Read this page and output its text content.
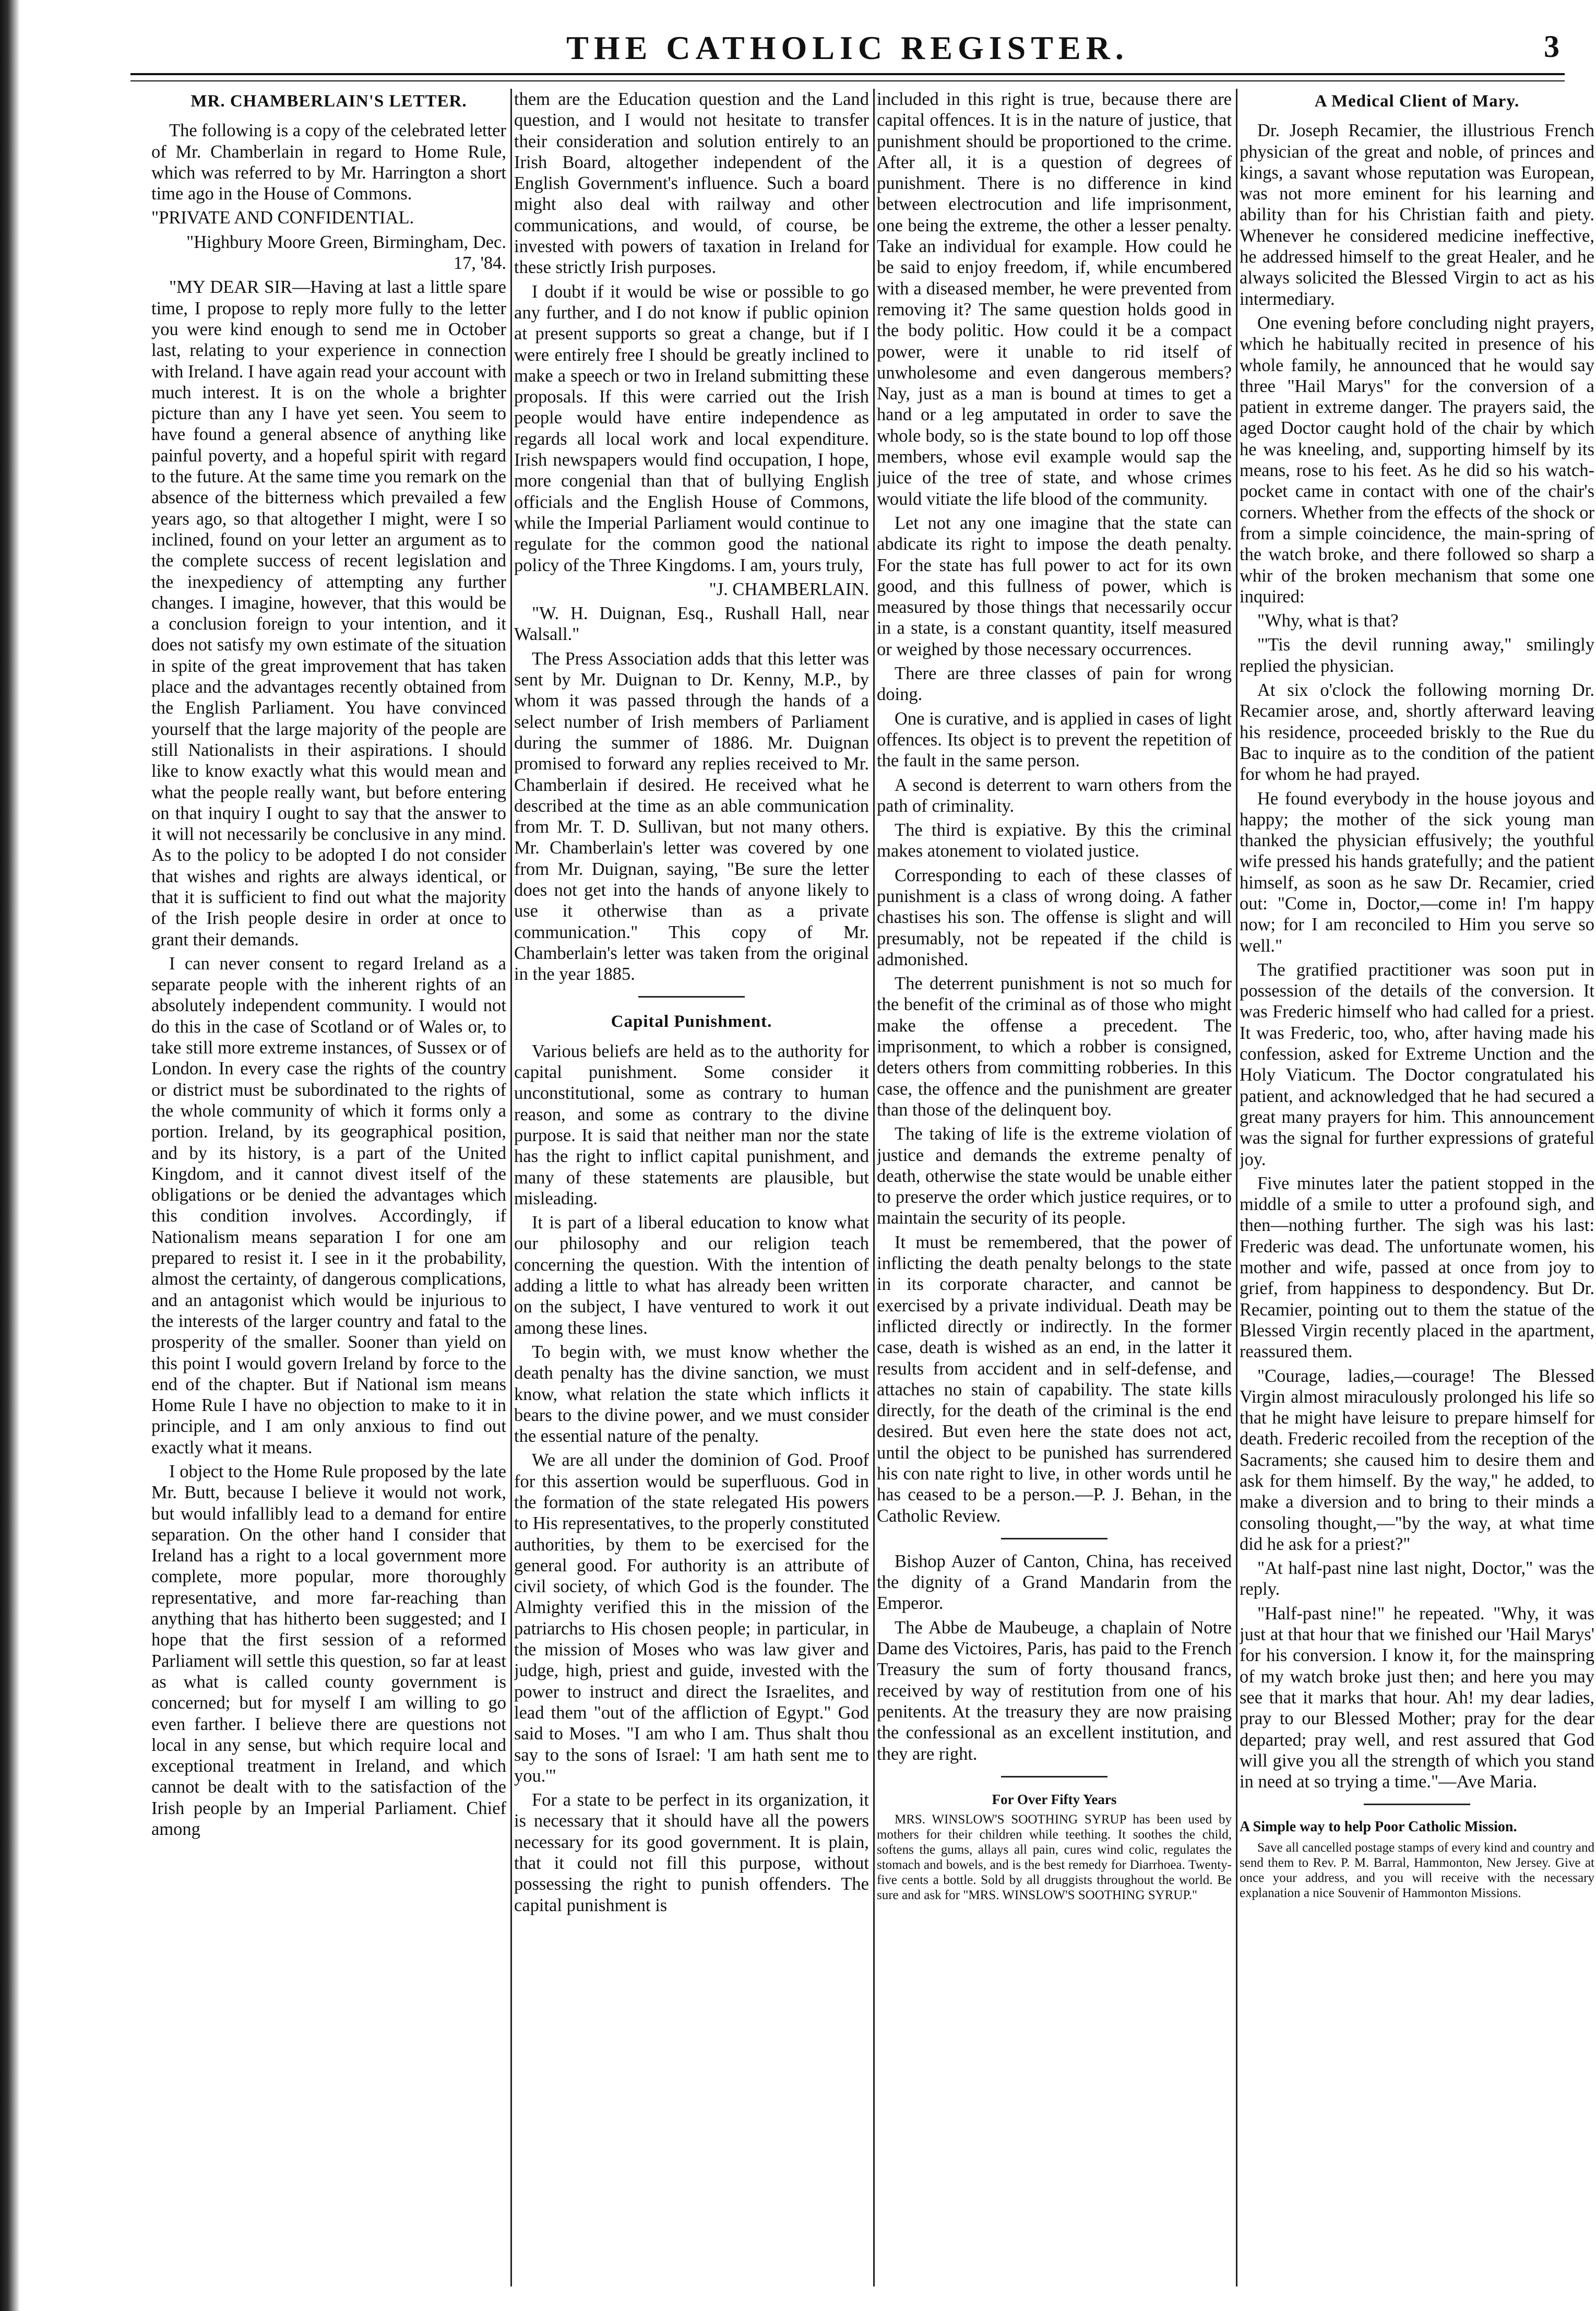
THE CATHOLIC REGISTER.	3
MR. CHAMBERLAIN'S LETTER.

The following is a copy of the celebrated letter of Mr. Chamberlain in regard to Home Rule, which was referred to by Mr. Harrington a short time ago in the House of Commons.

"PRIVATE AND CONFIDENTIAL.

"Highbury Moore Green, Birmingham, Dec. 17, '84.

"MY DEAR SIR—Having at last a little spare time, I propose to reply more fully to the letter you were kind enough to send me in October last, relating to your experience in connection with Ireland. I have again read your account with much interest. It is on the whole a brighter picture than any I have yet seen. You seem to have found a general absence of anything like painful poverty, and a hopeful spirit with regard to the future. At the same time you remark on the absence of the bitterness which prevailed a few years ago, so that altogether I might, were I so inclined, found on your letter an argument as to the complete success of recent legislation and the inexpediency of attempting any further changes. I imagine, however, that this would be a conclusion foreign to your intention, and it does not satisfy my own estimate of the situation in spite of the great improvement that has taken place and the advantages recently obtained from the English Parliament. You have convinced yourself that the large majority of the people are still Nationalists in their aspirations. I should like to know exactly what this would mean and what the people really want, but before entering on that inquiry I ought to say that the answer to it will not necessarily be conclusive in any mind. As to the policy to be adopted I do not consider that wishes and rights are always identical, or that it is sufficient to find out what the majority of the Irish people desire in order at once to grant their demands.

I can never consent to regard Ireland as a separate people with the inherent rights of an absolutely independent community. I would not do this in the case of Scotland or of Wales or, to take still more extreme instances, of Sussex or of London. In every case the rights of the country or district must be subordinated to the rights of the whole community of which it forms only a portion. Ireland, by its geographical position, and by its history, is a part of the United Kingdom, and it cannot divest itself of the obligations or be denied the advantages which this condition involves. Accordingly, if Nationalism means separation I for one am prepared to resist it. I see in it the probability, almost the certainty, of dangerous complications, and an antagonist which would be injurious to the interests of the larger country and fatal to the prosperity of the smaller. Sooner than yield on this point I would govern Ireland by force to the end of the chapter. But if National ism means Home Rule I have no objection to make to it in principle, and I am only anxious to find out exactly what it means.

I object to the Home Rule proposed by the late Mr. Butt, because I believe it would not work, but would infallibly lead to a demand for entire separation. On the other hand I consider that Ireland has a right to a local government more complete, more popular, more thoroughly representative, and more far-reaching than anything that has hitherto been suggested; and I hope that the first session of a reformed Parliament will settle this question, so far at least as what is called county government is concerned; but for myself I am willing to go even farther. I believe there are questions not local in any sense, but which require local and exceptional treatment in Ireland, and which cannot be dealt with to the satisfaction of the Irish people by an Imperial Parliament. Chief among

them are the Education question and the Land question, and I would not hesitate to transfer their consideration and solution entirely to an Irish Board, altogether independent of the English Government's influence. Such a board might also deal with railway and other communications, and would, of course, be invested with powers of taxation in Ireland for these strictly Irish purposes.

I doubt if it would be wise or possible to go any further, and I do not know if public opinion at present supports so great a change, but if I were entirely free I should be greatly inclined to make a speech or two in Ireland submitting these proposals. If this were carried out the Irish people would have entire independence as regards all local work and local expenditure. Irish newspapers would find occupation, I hope, more congenial than that of bullying English officials and the English House of Commons, while the Imperial Parliament would continue to regulate for the common good the national policy of the Three Kingdoms. I am, yours truly,

"J. CHAMBERLAIN.

"W. H. Duignan, Esq., Rushall Hall, near Walsall."

The Press Association adds that this letter was sent by Mr. Duignan to Dr. Kenny, M.P., by whom it was passed through the hands of a select number of Irish members of Parliament during the summer of 1886. Mr. Duignan promised to forward any replies received to Mr. Chamberlain if desired. He received what he described at the time as an able communication from Mr. T. D. Sullivan, but not many others. Mr. Chamberlain's letter was covered by one from Mr. Duignan, saying, "Be sure the letter does not get into the hands of anyone likely to use it otherwise than as a private communication." This copy of Mr. Chamberlain's letter was taken from the original in the year 1885.

Capital Punishment.

Various beliefs are held as to the authority for capital punishment. Some consider it unconstitutional, some as contrary to human reason, and some as contrary to the divine purpose. It is said that neither man nor the state has the right to inflict capital punishment, and many of these statements are plausible, but misleading.

It is part of a liberal education to know what our philosophy and our religion teach concerning the question. With the intention of adding a little to what has already been written on the subject, I have ventured to work it out among these lines.

To begin with, we must know whether the death penalty has the divine sanction, we must know, what relation the state which inflicts it bears to the divine power, and we must consider the essential nature of the penalty.

We are all under the dominion of God. Proof for this assertion would be superfluous. God in the formation of the state relegated His powers to His representatives, to the properly constituted authorities, by them to be exercised for the general good. For authority is an attribute of civil society, of which God is the founder. The Almighty verified this in the mission of the patriarchs to His chosen people; in particular, in the mission of Moses who was law giver and judge, high, priest and guide, invested with the power to instruct and direct the Israelites, and lead them "out of the affliction of Egypt." God said to Moses. "I am who I am. Thus shalt thou say to the sons of Israel: 'I am hath sent me to you.'"

For a state to be perfect in its organization, it is necessary that it should have all the powers necessary for its good government. It is plain, that it could not fill this purpose, without possessing the right to punish offenders. The capital punishment is

included in this right is true, because there are capital offences. It is in the nature of justice, that punishment should be proportioned to the crime. After all, it is a question of degrees of punishment. There is no difference in kind between electrocution and life imprisonment, one being the extreme, the other a lesser penalty. Take an individual for example. How could he be said to enjoy freedom, if, while encumbered with a diseased member, he were prevented from removing it? The same question holds good in the body politic. How could it be a compact power, were it unable to rid itself of unwholesome and even dangerous members? Nay, just as a man is bound at times to get a hand or a leg amputated in order to save the whole body, so is the state bound to lop off those members, whose evil example would sap the juice of the tree of state, and whose crimes would vitiate the life blood of the community.

Let not any one imagine that the state can abdicate its right to impose the death penalty. For the state has full power to act for its own good, and this fullness of power, which is measured by those things that necessarily occur in a state, is a constant quantity, itself measured or weighed by those necessary occurrences.

There are three classes of pain for wrong doing.

One is curative, and is applied in cases of light offences. Its object is to prevent the repetition of the fault in the same person.

A second is deterrent to warn others from the path of criminality.

The third is expiative. By this the criminal makes atonement to violated justice.

Corresponding to each of these classes of punishment is a class of wrong doing. A father chastises his son. The offense is slight and will presumably, not be repeated if the child is admonished.

The deterrent punishment is not so much for the benefit of the criminal as of those who might make the offense a precedent. The imprisonment, to which a robber is consigned, deters others from committing robberies. In this case, the offence and the punishment are greater than those of the delinquent boy.

The taking of life is the extreme violation of justice and demands the extreme penalty of death, otherwise the state would be unable either to preserve the order which justice requires, or to maintain the security of its people.

It must be remembered, that the power of inflicting the death penalty belongs to the state in its corporate character, and cannot be exercised by a private individual. Death may be inflicted directly or indirectly. In the former case, death is wished as an end, in the latter it results from accident and in self-defense, and attaches no stain of capability. The state kills directly, for the death of the criminal is the end desired. But even here the state does not act, until the object to be punished has surrendered his con nate right to live, in other words until he has ceased to be a person.—P. J. Behan, in the Catholic Review.

Bishop Auzer of Canton, China, has received the dignity of a Grand Mandarin from the Emperor.

The Abbe de Maubeuge, a chaplain of Notre Dame des Victoires, Paris, has paid to the French Treasury the sum of forty thousand francs, received by way of restitution from one of his penitents. At the treasury they are now praising the confessional as an excellent institution, and they are right.

For Over Fifty Years

MRS. WINSLOW'S SOOTHING SYRUP has been used by mothers for their children while teething. It soothes the child, softens the gums, allays all pain, cures wind colic, regulates the stomach and bowels, and is the best remedy for Diarrhoea. Twenty-five cents a bottle. Sold by all druggists throughout the world. Be sure and ask for "MRS. WINSLOW'S SOOTHING SYRUP."

A Medical Client of Mary.

Dr. Joseph Recamier, the illustrious French physician of the great and noble, of princes and kings, a savant whose reputation was European, was not more eminent for his learning and ability than for his Christian faith and piety. Whenever he considered medicine ineffective, he addressed himself to the great Healer, and he always solicited the Blessed Virgin to act as his intermediary.

One evening before concluding night prayers, which he habitually recited in presence of his whole family, he announced that he would say three "Hail Marys" for the conversion of a patient in extreme danger. The prayers said, the aged Doctor caught hold of the chair by which he was kneeling, and, supporting himself by its means, rose to his feet. As he did so his watch-pocket came in contact with one of the chair's corners. Whether from the effects of the shock or from a simple coincidence, the main-spring of the watch broke, and there followed so sharp a whir of the broken mechanism that some one inquired:

"Why, what is that?

"'Tis the devil running away," smilingly replied the physician.

At six o'clock the following morning Dr. Recamier arose, and, shortly afterward leaving his residence, proceeded briskly to the Rue du Bac to inquire as to the condition of the patient for whom he had prayed.

He found everybody in the house joyous and happy; the mother of the sick young man thanked the physician effusively; the youthful wife pressed his hands gratefully; and the patient himself, as soon as he saw Dr. Recamier, cried out: "Come in, Doctor,—come in! I'm happy now; for I am reconciled to Him you serve so well."

The gratified practitioner was soon put in possession of the details of the conversion. It was Frederic himself who had called for a priest. It was Frederic, too, who, after having made his confession, asked for Extreme Unction and the Holy Viaticum. The Doctor congratulated his patient, and acknowledged that he had secured a great many prayers for him. This announcement was the signal for further expressions of grateful joy.

Five minutes later the patient stopped in the middle of a smile to utter a profound sigh, and then—nothing further. The sigh was his last: Frederic was dead. The unfortunate women, his mother and wife, passed at once from joy to grief, from happiness to despondency. But Dr. Recamier, pointing out to them the statue of the Blessed Virgin recently placed in the apartment, reassured them.

"Courage, ladies,—courage! The Blessed Virgin almost miraculously prolonged his life so that he might have leisure to prepare himself for death. Frederic recoiled from the reception of the Sacraments; she caused him to desire them and ask for them himself. By the way," he added, to make a diversion and to bring to their minds a consoling thought,—"by the way, at what time did he ask for a priest?"

"At half-past nine last night, Doctor," was the reply.

"Half-past nine!" he repeated. "Why, it was just at that hour that we finished our 'Hail Marys' for his conversion. I know it, for the mainspring of my watch broke just then; and here you may see that it marks that hour. Ah! my dear ladies, pray to our Blessed Mother; pray for the dear departed; pray well, and rest assured that God will give you all the strength of which you stand in need at so trying a time."—Ave Maria.

A Simple way to help Poor Catholic Mission.

Save all cancelled postage stamps of every kind and country and send them to Rev. P. M. Barral, Hammonton, New Jersey. Give at once your address, and you will receive with the necessary explanation a nice Souvenir of Hammonton Missions.
